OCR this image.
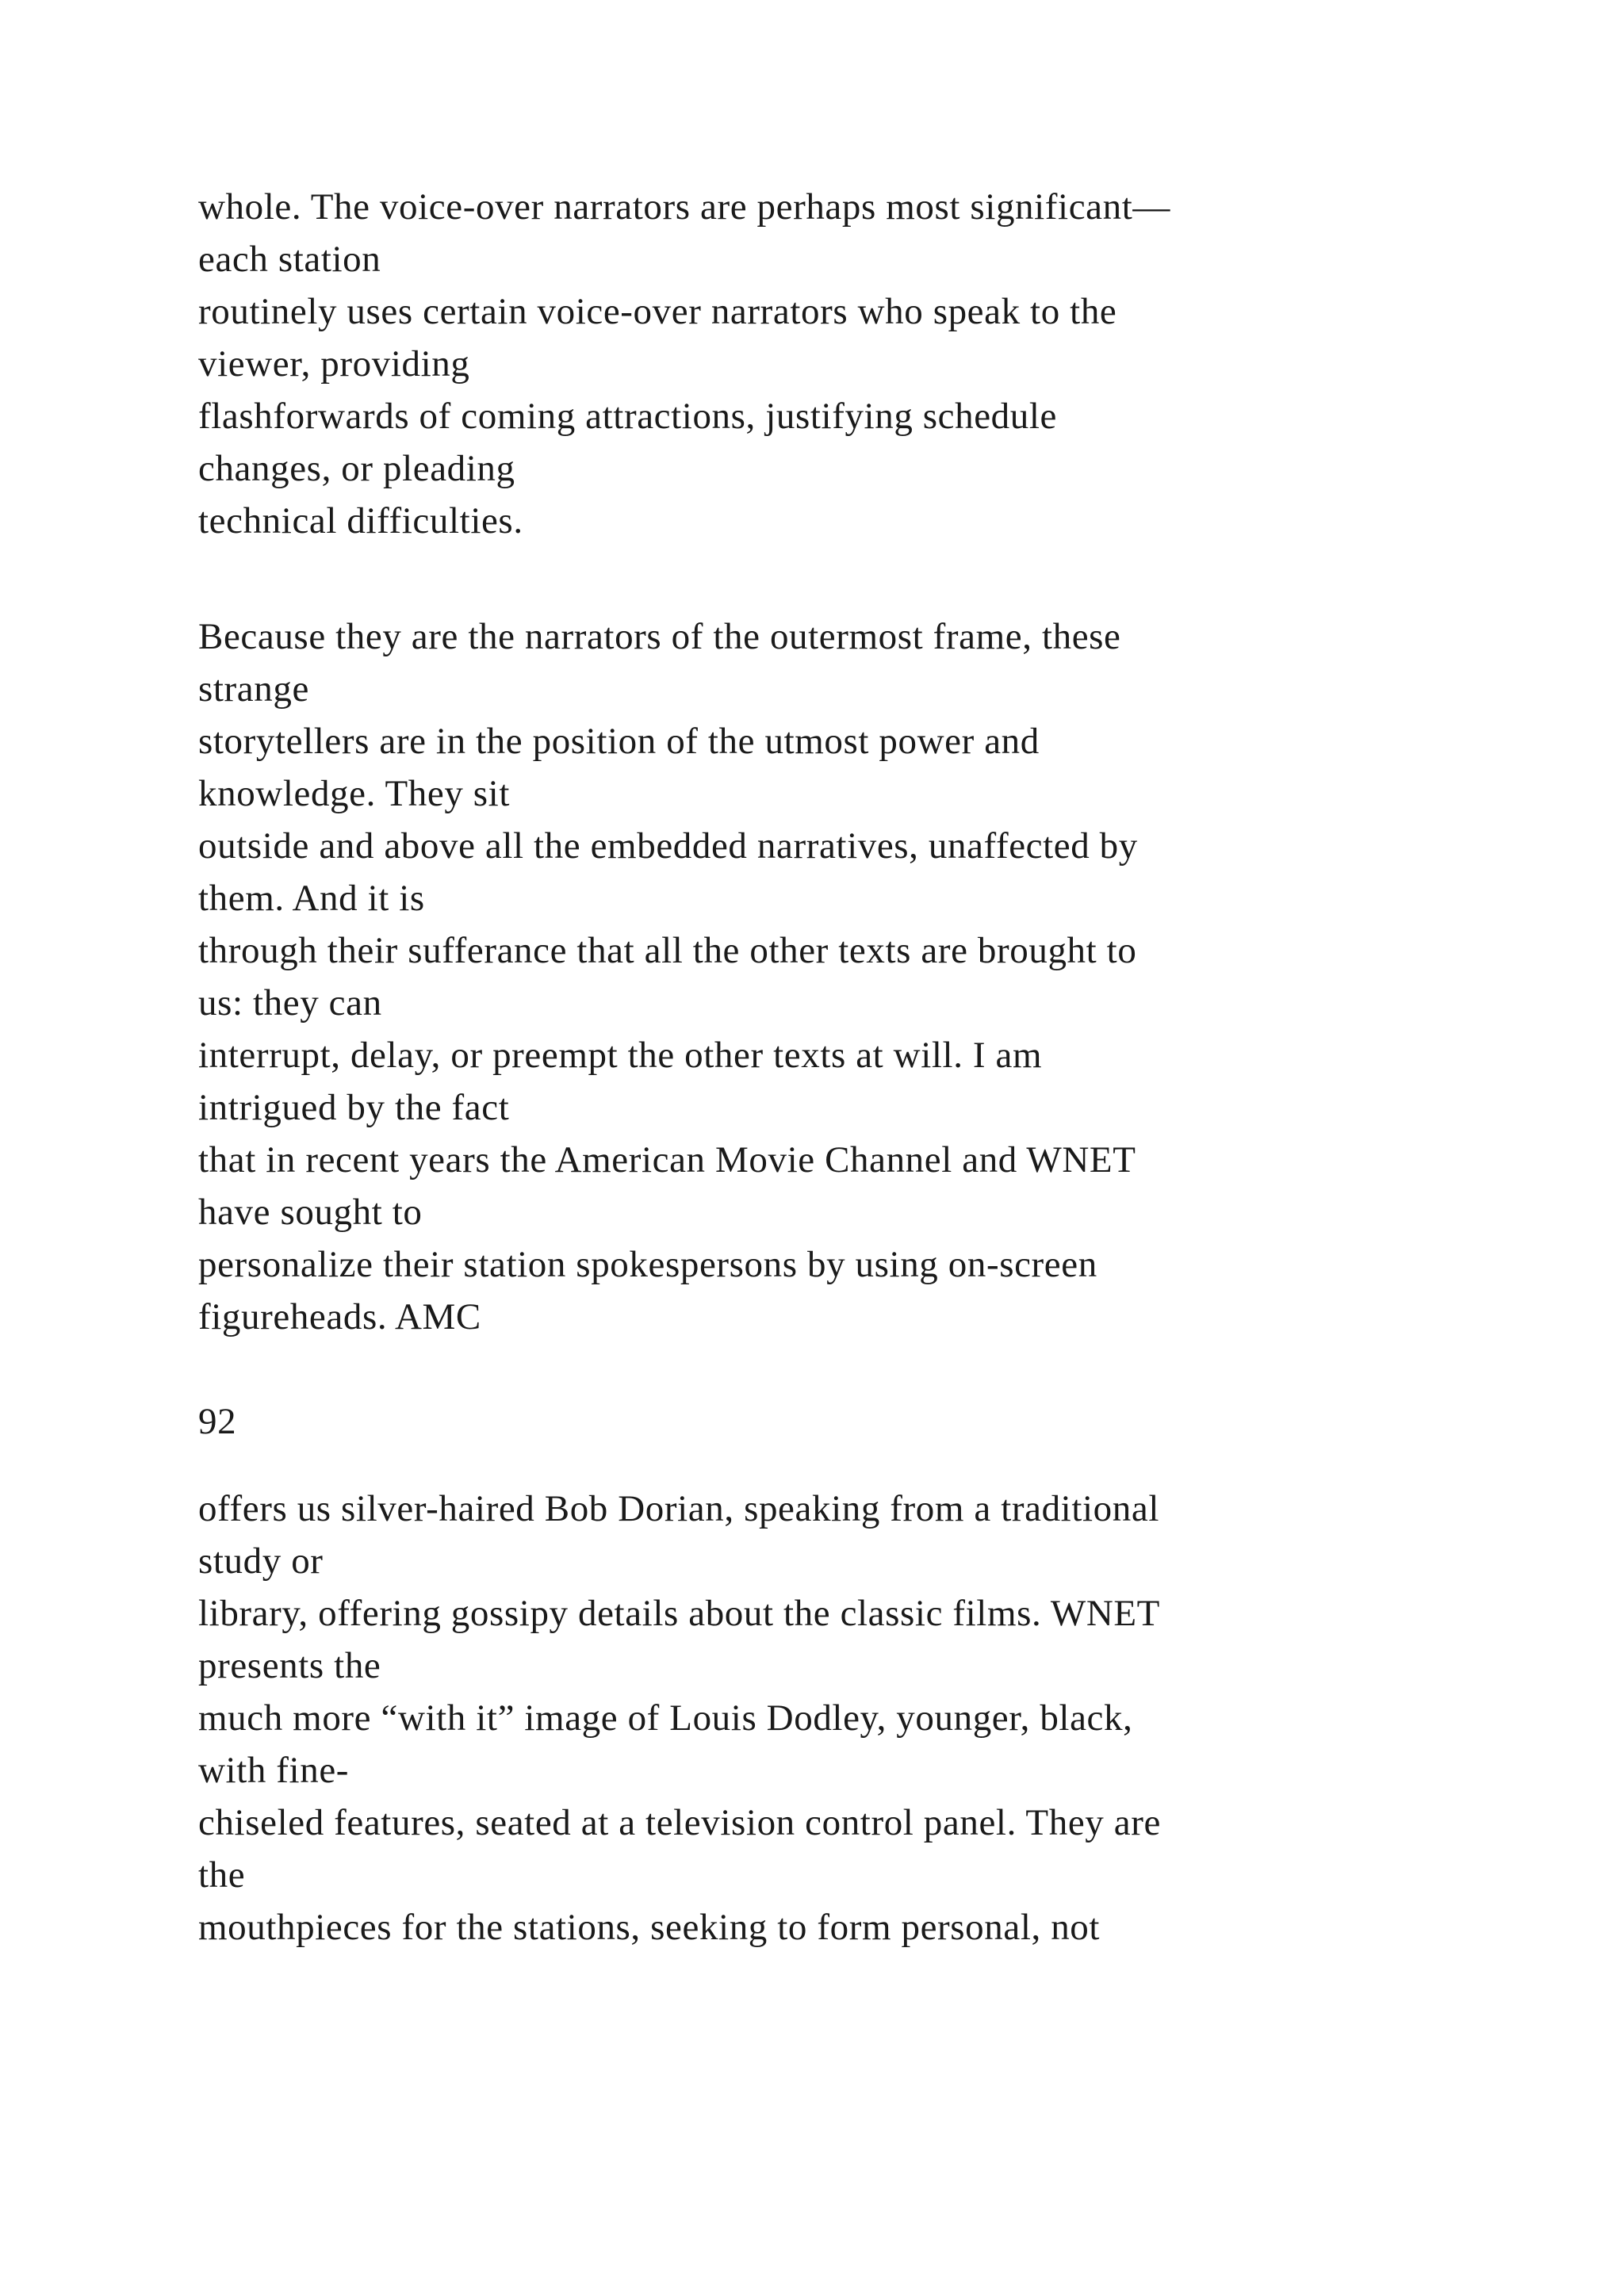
whole. The voice-over narrators are perhaps most significant—
each station
routinely uses certain voice-over narrators who speak to the
viewer, providing
flashforwards of coming attractions, justifying schedule
changes, or pleading
technical difficulties.
Because they are the narrators of the outermost frame, these
strange
storytellers are in the position of the utmost power and
knowledge. They sit
outside and above all the embedded narratives, unaffected by
them. And it is
through their sufferance that all the other texts are brought to
us: they can
interrupt, delay, or preempt the other texts at will. I am
intrigued by the fact
that in recent years the American Movie Channel and WNET
have sought to
personalize their station spokespersons by using on-screen
figureheads. AMC
92
offers us silver-haired Bob Dorian, speaking from a traditional
study or
library, offering gossipy details about the classic films. WNET
presents the
much more “with it” image of Louis Dodley, younger, black,
with fine-
chiseled features, seated at a television control panel. They are
the
mouthpieces for the stations, seeking to form personal, not
